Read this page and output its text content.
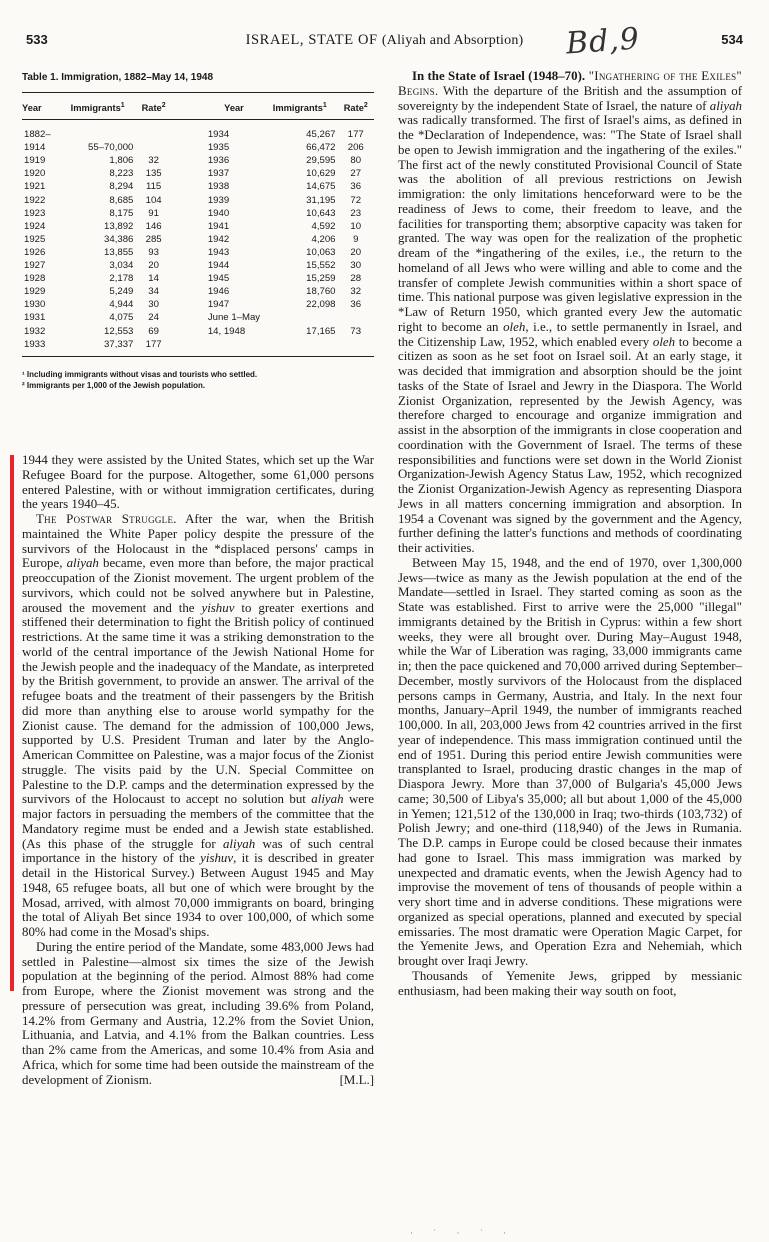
533	ISRAEL, STATE OF (Aliyah and Absorption)	Bd,9	534
Table 1. Immigration, 1882–May 14, 1948
Year	Immigrants$^1$	Rate$^2$		Year	Immigrants$^1$	Rate$^2$
1882–				1934	45,267	177
1914	55–70,000			1935	66,472	206
1919	1,806	32		1936	29,595	80
1920	8,223	135		1937	10,629	27
1921	8,294	115		1938	14,675	36
1922	8,685	104		1939	31,195	72
1923	8,175	91		1940	10,643	23
1924	13,892	146		1941	4,592	10
1925	34,386	285		1942	4,206	9
1926	13,855	93		1943	10,063	20
1927	3,034	20		1944	15,552	30
1928	2,178	14		1945	15,259	28
1929	5,249	34		1946	18,760	32
1930	4,944	30		1947	22,098	36
1931	4,075	24		June 1–May		
1932	12,553	69		14, 1948	17,165	73
1933	37,337	177				
¹ Including immigrants without visas and tourists who settled.
² Immigrants per 1,000 of the Jewish population.

1944 they were assisted by the United States, which set up the War Refugee Board for the purpose. Altogether, some 61,000 persons entered Palestine, with or without immigration certificates, during the years 1940–45.

The Postwar Struggle. After the war, when the British maintained the White Paper policy despite the pressure of the survivors of the Holocaust in the *displaced persons' camps in Europe, aliyah became, even more than before, the major practical preoccupation of the Zionist movement. The urgent problem of the survivors, which could not be solved anywhere but in Palestine, aroused the movement and the yishuv to greater exertions and stiffened their determination to fight the British policy of continued restrictions. At the same time it was a striking demonstration to the world of the central importance of the Jewish National Home for the Jewish people and the inadequacy of the Mandate, as interpreted by the British government, to provide an answer. The arrival of the refugee boats and the treatment of their passengers by the British did more than anything else to arouse world sympathy for the Zionist cause. The demand for the admission of 100,000 Jews, supported by U.S. President Truman and later by the Anglo-American Committee on Palestine, was a major focus of the Zionist struggle. The visits paid by the U.N. Special Committee on Palestine to the D.P. camps and the determination expressed by the survivors of the Holocaust to accept no solution but aliyah were major factors in persuading the members of the committee that the Mandatory regime must be ended and a Jewish state established. (As this phase of the struggle for aliyah was of such central importance in the history of the yishuv, it is described in greater detail in the Historical Survey.) Between August 1945 and May 1948, 65 refugee boats, all but one of which were brought by the Mosad, arrived, with almost 70,000 immigrants on board, bringing the total of Aliyah Bet since 1934 to over 100,000, of which some 80% had come in the Mosad's ships.

During the entire period of the Mandate, some 483,000 Jews had settled in Palestine—almost six times the size of the Jewish population at the beginning of the period. Almost 88% had come from Europe, where the Zionist movement was strong and the pressure of persecution was great, including 39.6% from Poland, 14.2% from Germany and Austria, 12.2% from the Soviet Union, Lithuania, and Latvia, and 4.1% from the Balkan countries. Less than 2% came from the Americas, and some 10.4% from Asia and Africa, which for some time had been outside the mainstream of the development of Zionism.	[M.L.]

In the State of Israel (1948–70). "Ingathering of the Exiles" Begins. With the departure of the British and the assumption of sovereignty by the independent State of Israel, the nature of aliyah was radically transformed. The first of Israel's aims, as defined in the *Declaration of Independence, was: "The State of Israel shall be open to Jewish immigration and the ingathering of the exiles." The first act of the newly constituted Provisional Council of State was the abolition of all previous restrictions on Jewish immigration: the only limitations henceforward were to be the readiness of Jews to come, their freedom to leave, and the facilities for transporting them; absorptive capacity was taken for granted. The way was open for the realization of the prophetic dream of the *ingathering of the exiles, i.e., the return to the homeland of all Jews who were willing and able to come and the transfer of complete Jewish communities within a short space of time. This national purpose was given legislative expression in the *Law of Return 1950, which granted every Jew the automatic right to become an oleh, i.e., to settle permanently in Israel, and the Citizenship Law, 1952, which enabled every oleh to become a citizen as soon as he set foot on Israel soil. At an early stage, it was decided that immigration and absorption should be the joint tasks of the State of Israel and Jewry in the Diaspora. The World Zionist Organization, represented by the Jewish Agency, was therefore charged to encourage and organize immigration and assist in the absorption of the immigrants in close cooperation and coordination with the Government of Israel. The terms of these responsibilities and functions were set down in the World Zionist Organization-Jewish Agency Status Law, 1952, which recognized the Zionist Organization-Jewish Agency as representing Diaspora Jews in all matters concerning immigration and absorption. In 1954 a Covenant was signed by the government and the Agency, further defining the latter's functions and methods of coordinating their activities.

Between May 15, 1948, and the end of 1970, over 1,300,000 Jews—twice as many as the Jewish population at the end of the Mandate—settled in Israel. They started coming as soon as the State was established. First to arrive were the 25,000 "illegal" immigrants detained by the British in Cyprus: within a few short weeks, they were all brought over. During May–August 1948, while the War of Liberation was raging, 33,000 immigrants came in; then the pace quickened and 70,000 arrived during September–December, mostly survivors of the Holocaust from the displaced persons camps in Germany, Austria, and Italy. In the next four months, January–April 1949, the number of immigrants reached 100,000. In all, 203,000 Jews from 42 countries arrived in the first year of independence. This mass immigration continued until the end of 1951. During this period entire Jewish communities were transplanted to Israel, producing drastic changes in the map of Diaspora Jewry. More than 37,000 of Bulgaria's 45,000 Jews came; 30,500 of Libya's 35,000; all but about 1,000 of the 45,000 in Yemen; 121,512 of the 130,000 in Iraq; two-thirds (103,732) of Polish Jewry; and one-third (118,940) of the Jews in Rumania. The D.P. camps in Europe could be closed because their inmates had gone to Israel. This mass immigration was marked by unexpected and dramatic events, when the Jewish Agency had to improvise the movement of tens of thousands of people within a very short time and in adverse conditions. These migrations were organized as special operations, planned and executed by special emissaries. The most dramatic were Operation Magic Carpet, for the Yemenite Jews, and Operation Ezra and Nehemiah, which brought over Iraqi Jewry.

Thousands of Yemenite Jews, gripped by messianic enthusiasm, had been making their way south on foot,

· ˙ · ˙ ·
